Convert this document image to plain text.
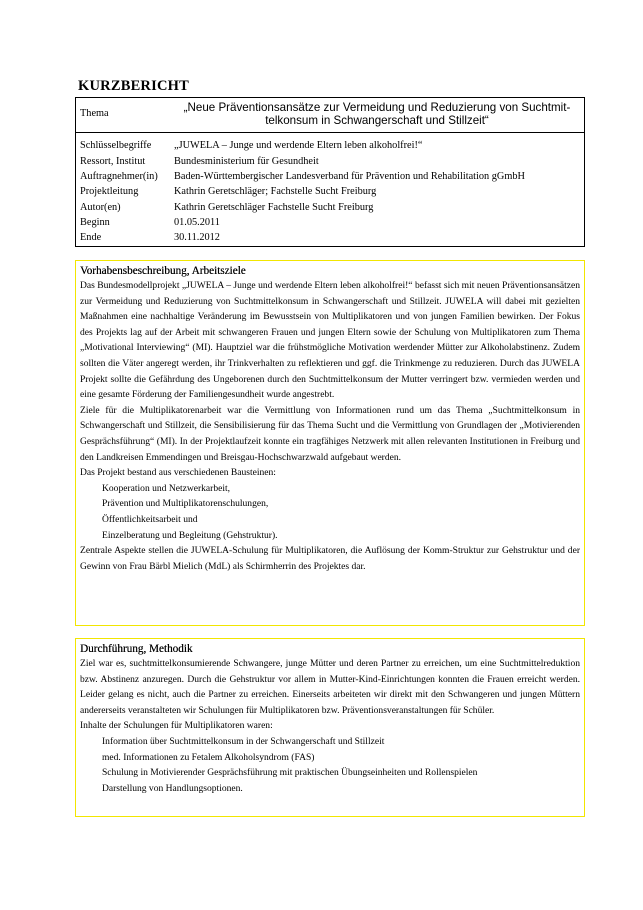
KURZBERICHT
Thema	„Neue Präventionsansätze zur Vermeidung und Reduzierung von Suchtmit-
telkonsum in Schwangerschaft und Stillzeit“
Schlüsselbegriffe „JUWELA – Junge und werdende Eltern leben alkoholfrei!“
Ressort, Institut	Bundesministerium für Gesundheit
Auftragnehmer(in) Baden-Württembergischer Landesverband für Prävention und Rehabilitation gGmbH
Projektleitung	Kathrin Geretschläger; Fachstelle Sucht Freiburg
Autor(en)	Kathrin Geretschläger Fachstelle Sucht Freiburg
Beginn	01.05.2011
Ende	30.11.2012
Vorhabensbeschreibung, Arbeitsziele

Das Bundesmodellprojekt „JUWELA – Junge und werdende Eltern leben alkoholfrei!“ befasst sich mit neuen Präventionsansätzen zur Vermeidung und Reduzierung von Suchtmittelkonsum in Schwangerschaft und Stillzeit. JUWELA will dabei mit gezielten Maßnahmen eine nachhaltige Veränderung im Bewusstsein von Multiplikatoren und von jungen Familien bewirken. Der Fokus des Projekts lag auf der Arbeit mit schwangeren Frauen und jungen Eltern sowie der Schulung von Multiplikatoren zum Thema „Motivational Interviewing“ (MI). Hauptziel war die frühstmögliche Motivation werdender Mütter zur Alkoholabstinenz. Zudem sollten die Väter angeregt werden, ihr Trinkverhalten zu reflektieren und ggf. die Trinkmenge zu reduzieren. Durch das JUWELA Projekt sollte die Gefährdung des Ungeborenen durch den Suchtmittelkonsum der Mutter verringert bzw. vermieden werden und eine gesamte Förderung der Familiengesundheit wurde angestrebt.

Ziele für die Multiplikatorenarbeit war die Vermittlung von Informationen rund um das Thema „Suchtmittelkonsum in Schwangerschaft und Stillzeit, die Sensibilisierung für das Thema Sucht und die Vermittlung von Grundlagen der „Motivierenden Gesprächsführung“ (MI). In der Projektlaufzeit konnte ein tragfähiges Netzwerk mit allen relevanten Institutionen in Freiburg und den Landkreisen Emmendingen und Breisgau-Hochschwarzwald aufgebaut werden.

Das Projekt bestand aus verschiedenen Bausteinen:

Kooperation und Netzwerkarbeit,
Prävention und Multiplikatorenschulungen,
Öffentlichkeitsarbeit und
Einzelberatung und Begleitung (Gehstruktur).

Zentrale Aspekte stellen die JUWELA-Schulung für Multiplikatoren, die Auflösung der Komm-Struktur zur Gehstruktur und der Gewinn von Frau Bärbl Mielich (MdL) als Schirmherrin des Projektes dar.

Durchführung, Methodik

Ziel war es, suchtmittelkonsumierende Schwangere, junge Mütter und deren Partner zu erreichen, um eine Suchtmittelreduktion bzw. Abstinenz anzuregen. Durch die Gehstruktur vor allem in Mutter-Kind-Einrichtungen konnten die Frauen erreicht werden. Leider gelang es nicht, auch die Partner zu erreichen. Einerseits arbeiteten wir direkt mit den Schwangeren und jungen Müttern andererseits veranstalteten wir Schulungen für Multiplikatoren bzw. Präventionsveranstaltungen für Schüler.

Inhalte der Schulungen für Multiplikatoren waren:

Information über Suchtmittelkonsum in der Schwangerschaft und Stillzeit
med. Informationen zu Fetalem Alkoholsyndrom (FAS)
Schulung in Motivierender Gesprächsführung mit praktischen Übungseinheiten und Rollenspielen
Darstellung von Handlungsoptionen.
